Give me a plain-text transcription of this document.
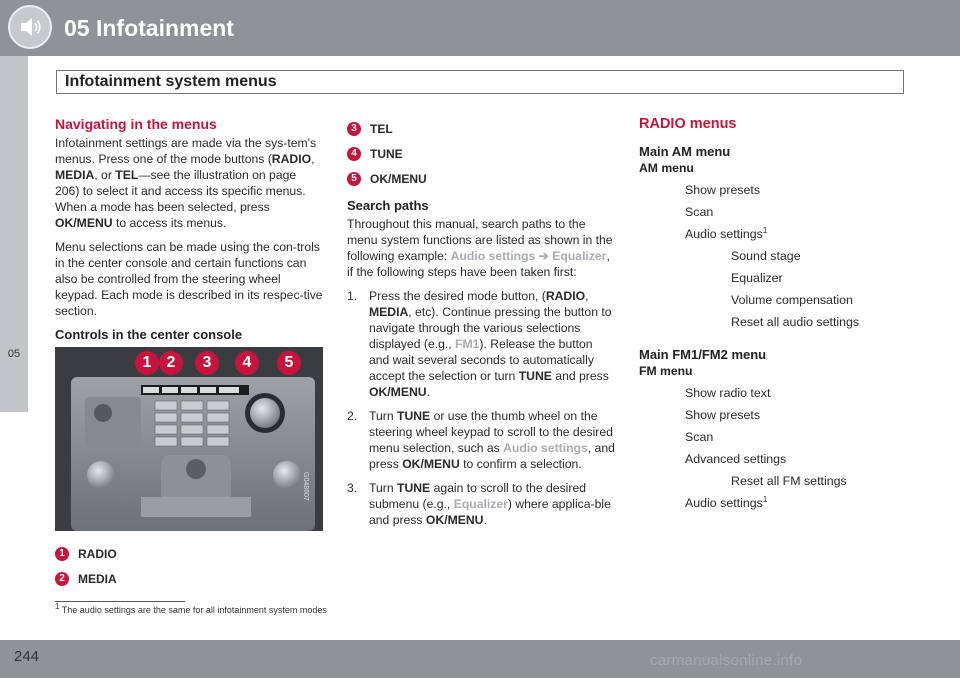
05 Infotainment
Infotainment system menus
05
Navigating in the menus

Infotainment settings are made via the sys-tem's menus. Press one of the mode buttons (RADIO, MEDIA, or TEL—see the illustration on page 206) to select it and access its specific menus. When a mode has been selected, press OK/MENU to access its menus.

Menu selections can be made using the con-trols in the center console and certain functions can also be controlled from the steering wheel keypad. Each mode is described in its respec-tive section.

Controls in the center console
1 2	3	4	5
G048607
1	RADIO
2	MEDIA
3	TEL
4	TUNE
5	OK/MENU
Search paths

Throughout this manual, search paths to the menu system functions are listed as shown in the following example: Audio settings ➔ Equalizer, if the following steps have been taken first:

1. Press the desired mode button, (RADIO, MEDIA, etc). Continue pressing the button to navigate through the various selections displayed (e.g., FM1). Release the button and wait several seconds to automatically accept the selection or turn TUNE and press OK/MENU.
2. Turn TUNE or use the thumb wheel on the steering wheel keypad to scroll to the desired menu selection, such as Audio settings, and press OK/MENU to confirm a selection.
3. Turn TUNE again to scroll to the desired submenu (e.g., Equalizer) where applica-ble and press OK/MENU.
RADIO menus
Main AM menu
AM menu
Show presets
Scan
Audio settings$^1$
Sound stage
Equalizer
Volume compensation
Reset all audio settings
Main FM1/FM2 menu
FM menu
Show radio text
Show presets
Scan
Advanced settings
Reset all FM settings
Audio settings$^1$
$^1$ The audio settings are the same for all infotainment system modes
244	carmanualsonline.info
